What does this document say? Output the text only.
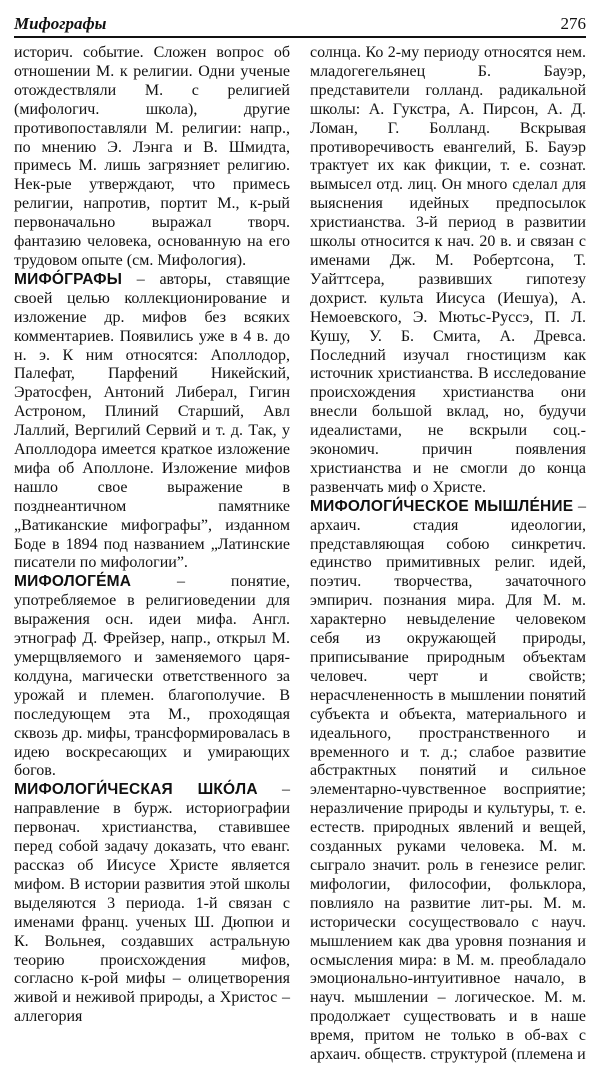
Мифографы	276

историч. событие. Сложен вопрос об отношении М. к религии. Одни ученые отождествляли М. с религией (мифологич. школа), другие противопоставляли М. религии: напр., по мнению Э. Лэнга и В. Шмидта, примесь М. лишь загрязняет религию. Нек-рые утверждают, что примесь религии, напротив, портит М., к-рый первоначально выражал творч. фантазию человека, основанную на его трудовом опыте (см. Мифология).

МИФО́ГРАФЫ – авторы, ставящие своей целью коллекционирование и изложение др. мифов без всяких комментариев. Появились уже в 4 в. до н. э. К ним относятся: Аполлодор, Палефат, Парфений Никейский, Эратосфен, Антоний Либерал, Гигин Астроном, Плиний Старший, Авл Лаллий, Вергилий Сервий и т. д. Так, у Аполлодора имеется краткое изложение мифа об Аполлоне. Изложение мифов нашло свое выражение в позднеантичном памятнике „Ватиканские мифографы”, изданном Боде в 1894 под названием „Латинские писатели по мифологии”.

МИФОЛОГЕ́МА – понятие, употребляемое в религиоведении для выражения осн. идеи мифа. Англ. этнограф Д. Фрейзер, напр., открыл М. умерщвляемого и заменяемого царя-колдуна, магически ответственного за урожай и племен. благополучие. В последующем эта М., проходящая сквозь др. мифы, трансформировалась в идею воскресающих и умирающих богов.

МИФОЛОГИ́ЧЕСКАЯ ШКО́ЛА – направление в бурж. историографии первонач. христианства, ставившее перед собой задачу доказать, что еванг. рассказ об Иисусе Христе является мифом. В истории развития этой школы выделяются 3 периода. 1-й связан с именами франц. ученых Ш. Дюпюи и К. Вольнея, создавших астральную теорию происхождения мифов, согласно к-рой мифы – олицетворения живой и неживой природы, а Христос – аллегория

солнца. Ко 2-му периоду относятся нем. младогегельянец Б. Бауэр, представители голланд. радикальной школы: А. Гукстра, А. Пирсон, А. Д. Ломан, Г. Болланд. Вскрывая противоречивость евангелий, Б. Бауэр трактует их как фикции, т. е. сознат. вымысел отд. лиц. Он много сделал для выяснения идейных предпосылок христианства. 3-й период в развитии школы относится к нач. 20 в. и связан с именами Дж. М. Робертсона, Т. Уайттсера, развивших гипотезу дохрист. культа Иисуса (Иешуа), А. Немоевского, Э. Мютьс-Руссэ, П. Л. Кушу, У. Б. Смита, А. Древса. Последний изучал гностицизм как источник христианства. В исследование происхождения христианства они внесли большой вклад, но, будучи идеалистами, не вскрыли соц.-экономич. причин появления христианства и не смогли до конца развенчать миф о Христе.

МИФОЛОГИ́ЧЕСКОЕ МЫШЛЕ́НИЕ – архаич. стадия идеологии, представляющая собою синкретич. единство примитивных религ. идей, поэтич. творчества, зачаточного эмпирич. познания мира. Для М. м. характерно невыделение человеком себя из окружающей природы, приписывание природным объектам человеч. черт и свойств; нерасчлененность в мышлении понятий субъекта и объекта, материального и идеального, пространственного и временного и т. д.; слабое развитие абстрактных понятий и сильное элементарно-чувственное восприятие; неразличение природы и культуры, т. е. естеств. природных явлений и вещей, созданных руками человека. М. м. сыграло значит. роль в генезисе религ. мифологии, философии, фольклора, повлияло на развитие лит-ры. М. м. исторически сосуществовало с науч. мышлением как два уровня познания и осмысления мира: в М. м. преобладало эмоционально-интуитивное начало, в науч. мышлении – логическое. М. м. продолжает существовать и в наше время, притом не только в об-вах с архаич. обществ. структурой (племена и
